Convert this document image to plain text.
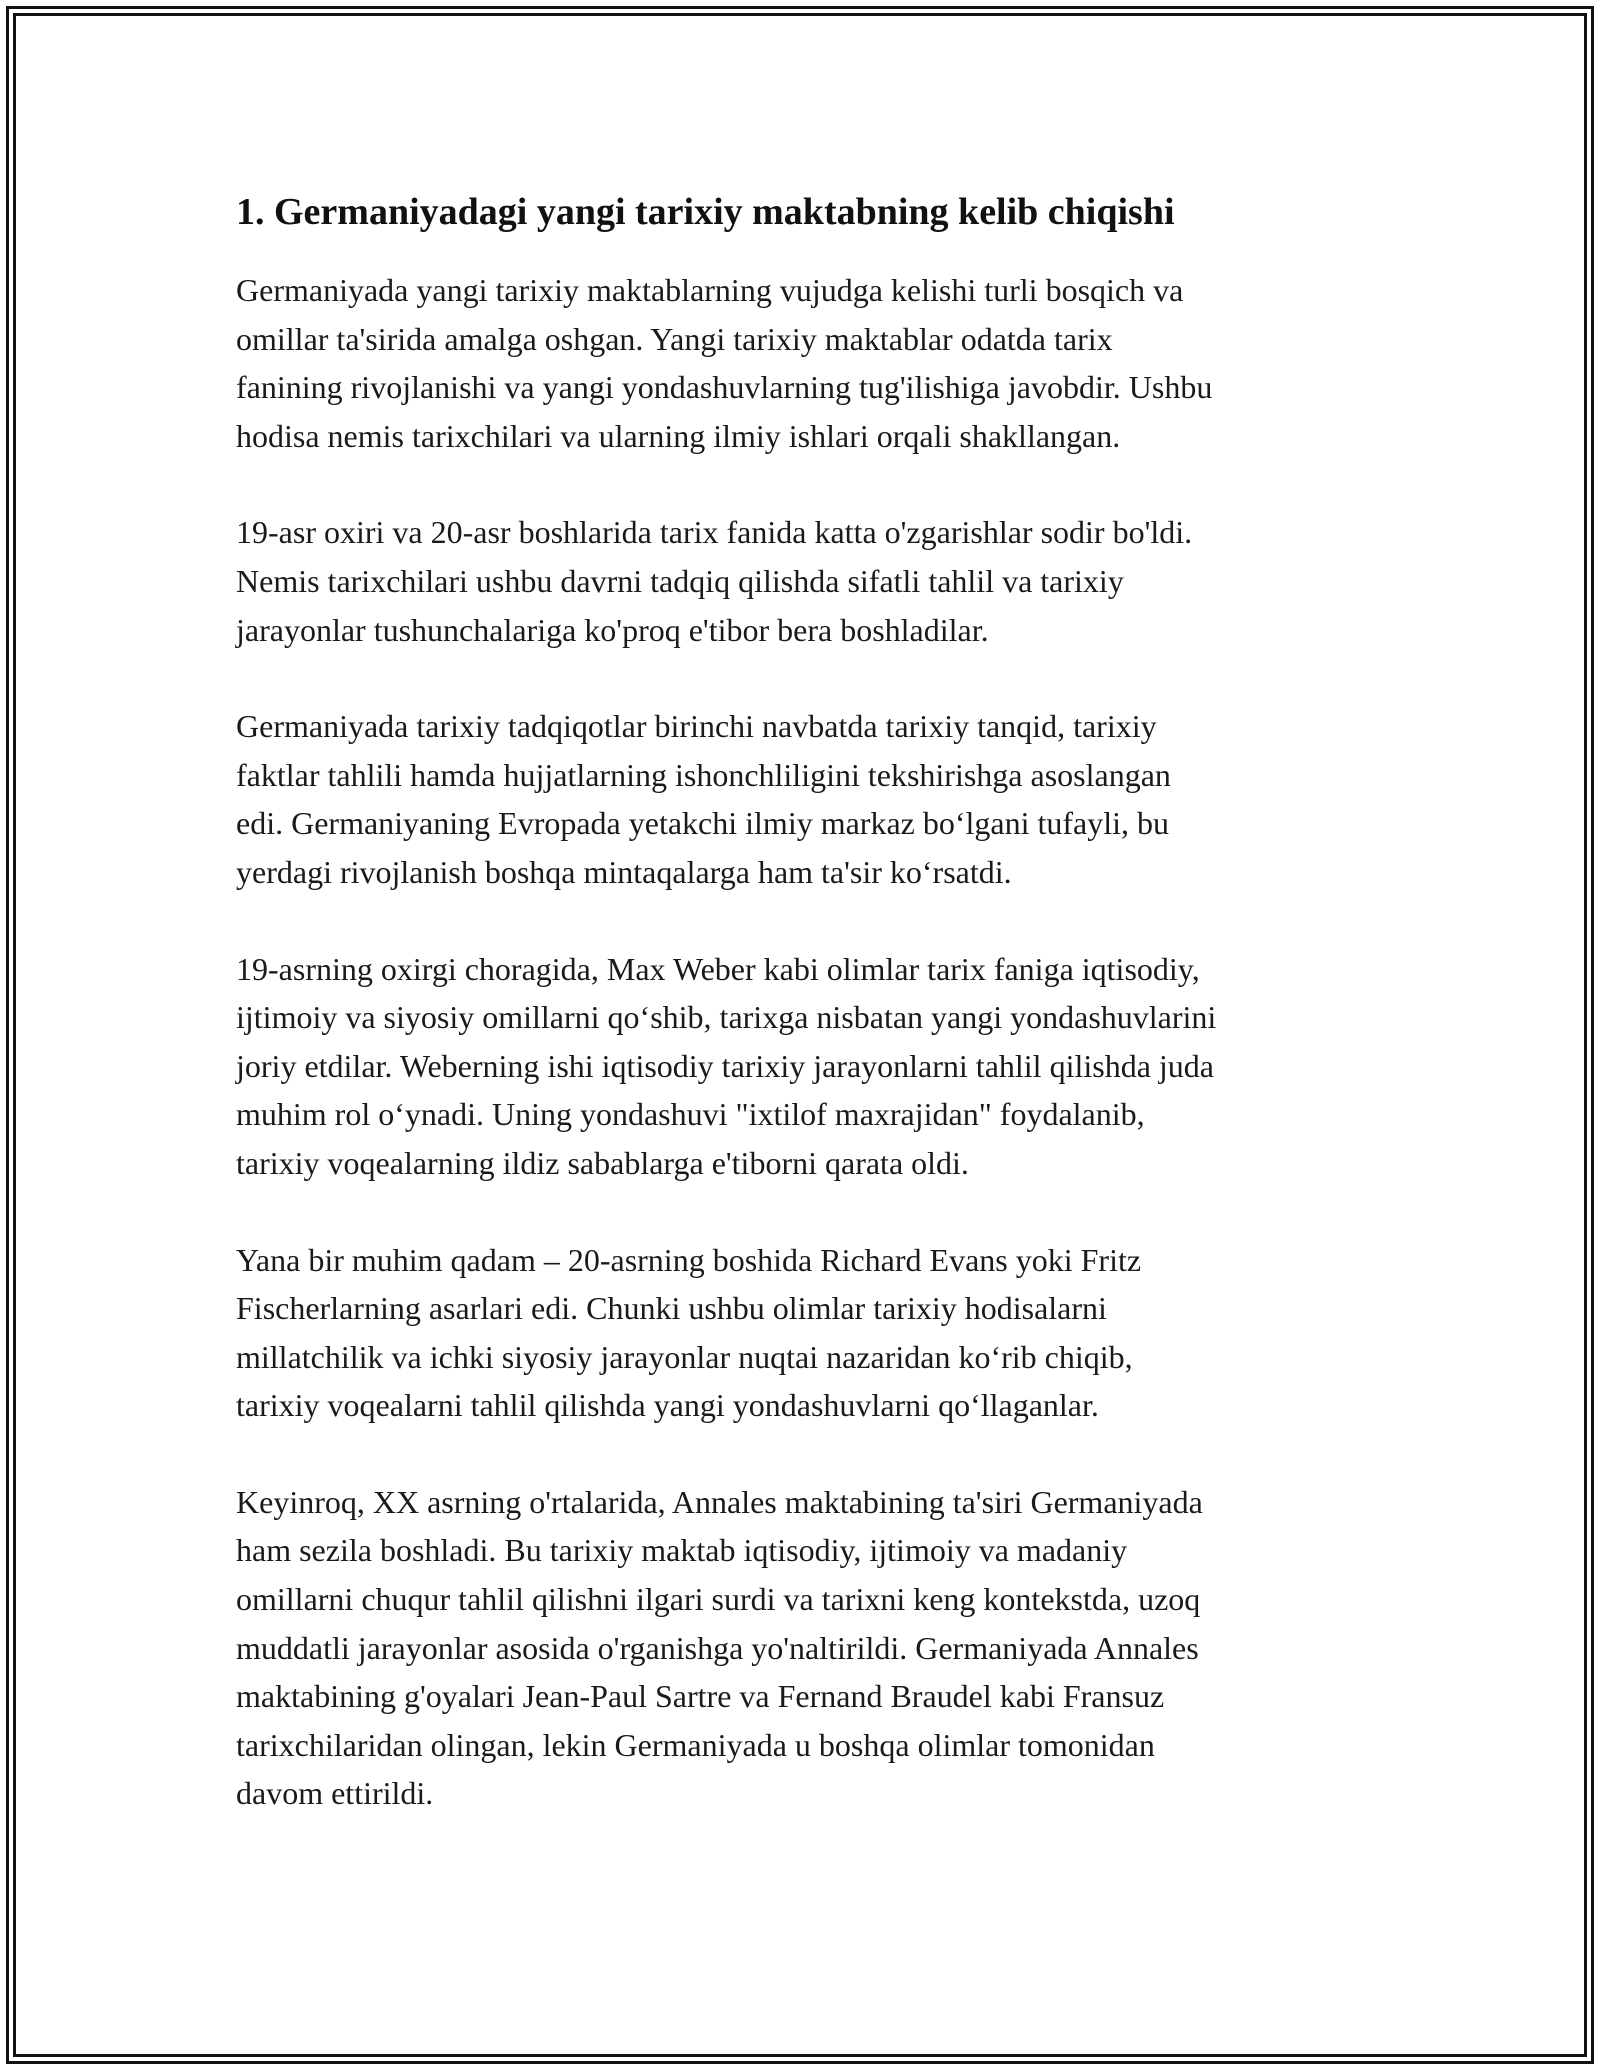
1. Germaniyadagi yangi tarixiy maktabning kelib chiqishi
Germaniyada yangi tarixiy maktablarning vujudga kelishi turli bosqich va
omillar ta'sirida amalga oshgan. Yangi tarixiy maktablar odatda tarix
fanining rivojlanishi va yangi yondashuvlarning tug'ilishiga javobdir. Ushbu
hodisa nemis tarixchilari va ularning ilmiy ishlari orqali shakllangan.
19-asr oxiri va 20-asr boshlarida tarix fanida katta o'zgarishlar sodir bo'ldi.
Nemis tarixchilari ushbu davrni tadqiq qilishda sifatli tahlil va tarixiy
jarayonlar tushunchalariga ko'proq e'tibor bera boshladilar.
Germaniyada tarixiy tadqiqotlar birinchi navbatda tarixiy tanqid, tarixiy
faktlar tahlili hamda hujjatlarning ishonchliligini tekshirishga asoslangan
edi. Germaniyaning Evropada yetakchi ilmiy markaz bo‘lgani tufayli, bu
yerdagi rivojlanish boshqa mintaqalarga ham ta'sir ko‘rsatdi.
19-asrning oxirgi choragida, Max Weber kabi olimlar tarix faniga iqtisodiy,
ijtimoiy va siyosiy omillarni qo‘shib, tarixga nisbatan yangi yondashuvlarini
joriy etdilar. Weberning ishi iqtisodiy tarixiy jarayonlarni tahlil qilishda juda
muhim rol o‘ynadi. Uning yondashuvi "ixtilof maxrajidan" foydalanib,
tarixiy voqealarning ildiz sabablarga e'tiborni qarata oldi.
Yana bir muhim qadam – 20-asrning boshida Richard Evans yoki Fritz
Fischerlarning asarlari edi. Chunki ushbu olimlar tarixiy hodisalarni
millatchilik va ichki siyosiy jarayonlar nuqtai nazaridan ko‘rib chiqib,
tarixiy voqealarni tahlil qilishda yangi yondashuvlarni qo‘llaganlar.
Keyinroq, XX asrning o'rtalarida, Annales maktabining ta'siri Germaniyada
ham sezila boshladi. Bu tarixiy maktab iqtisodiy, ijtimoiy va madaniy
omillarni chuqur tahlil qilishni ilgari surdi va tarixni keng kontekstda, uzoq
muddatli jarayonlar asosida o'rganishga yo'naltirildi. Germaniyada Annales
maktabining g'oyalari Jean-Paul Sartre va Fernand Braudel kabi Fransuz
tarixchilaridan olingan, lekin Germaniyada u boshqa olimlar tomonidan
davom ettirildi.
